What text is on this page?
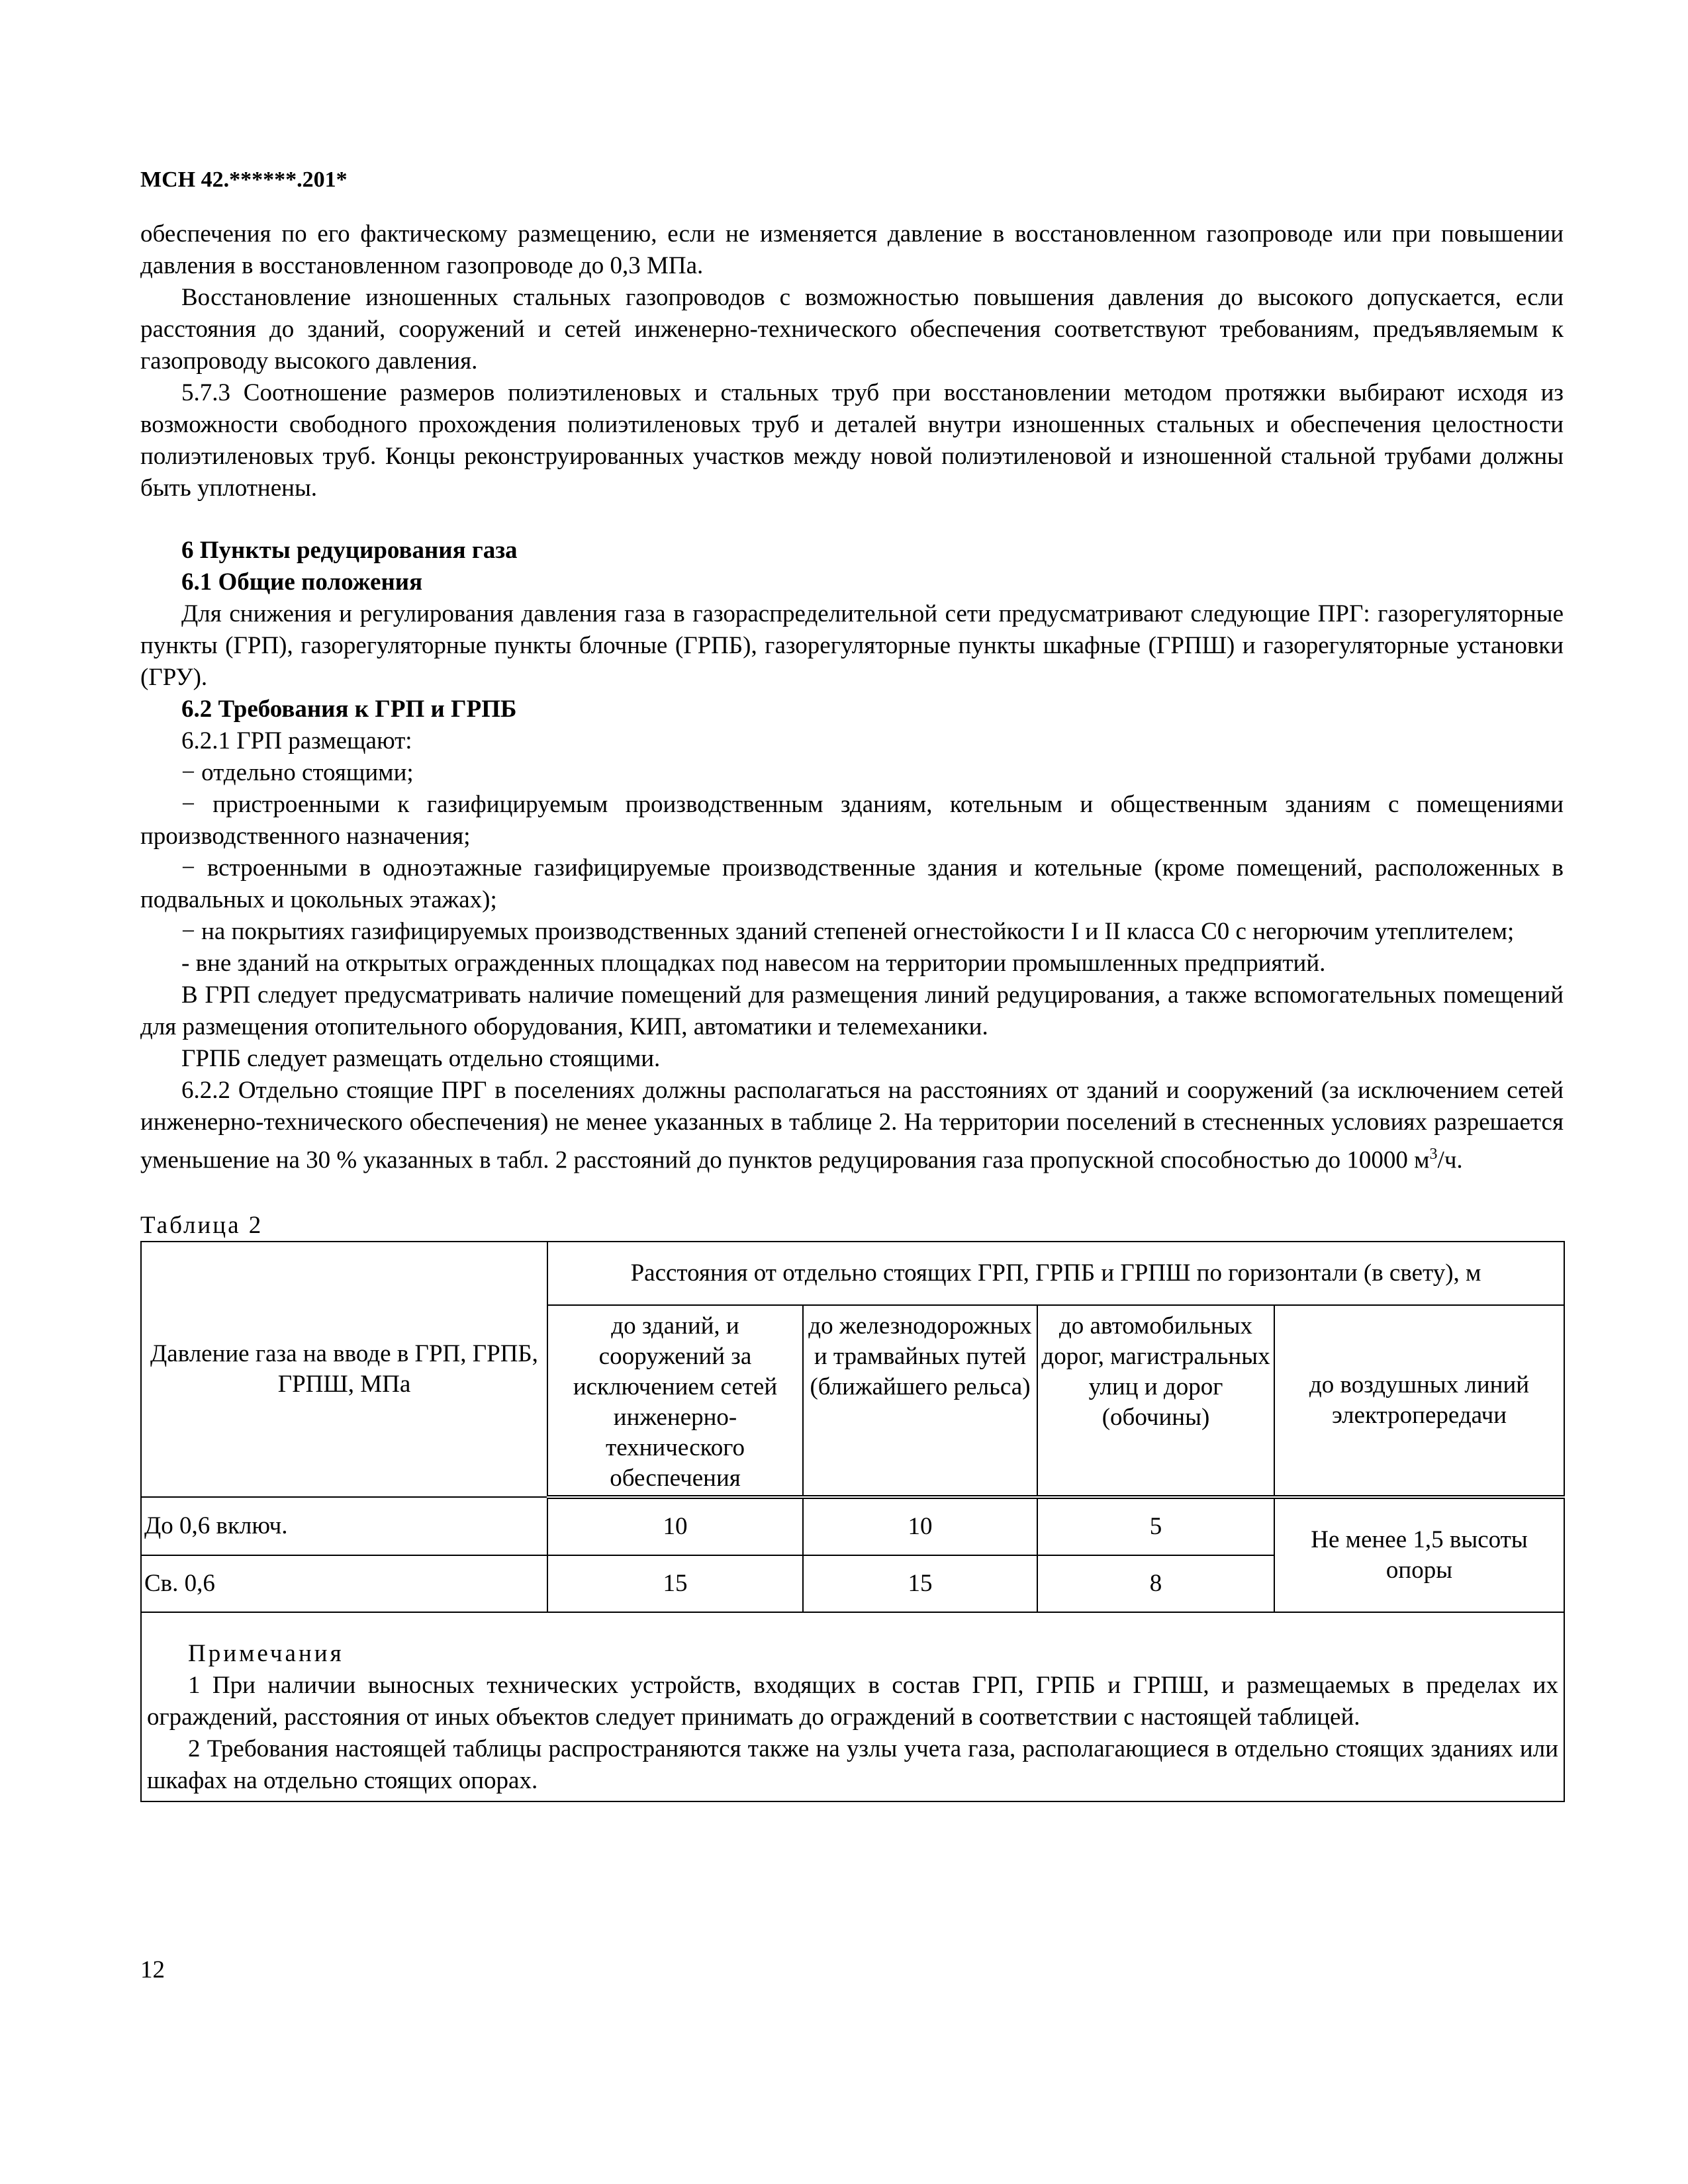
МСН 42.******.201*

обеспечения по его фактическому размещению, если не изменяется давление в восстановленном газопроводе или при повышении давления в восстановленном газопроводе до 0,3 МПа.

Восстановление изношенных стальных газопроводов с возможностью повышения давления до высокого допускается, если расстояния до зданий, сооружений и сетей инженерно-технического обеспечения соответствуют требованиям, предъявляемым к газопроводу высокого давления.

5.7.3 Соотношение размеров полиэтиленовых и стальных труб при восстановлении методом протяжки выбирают исходя из возможности свободного прохождения полиэтиленовых труб и деталей внутри изношенных стальных и обеспечения целостности полиэтиленовых труб. Концы реконструированных участков между новой полиэтиленовой и изношенной стальной трубами должны быть уплотнены.

6 Пункты редуцирования газа

6.1 Общие положения

Для снижения и регулирования давления газа в газораспределительной сети предусматривают следующие ПРГ: газорегуляторные пункты (ГРП), газорегуляторные пункты блочные (ГРПБ), газорегуляторные пункты шкафные (ГРПШ) и газорегуляторные установки (ГРУ).

6.2 Требования к ГРП и ГРПБ

6.2.1 ГРП размещают:

− отдельно стоящими;

− пристроенными к газифицируемым производственным зданиям, котельным и общественным зданиям с помещениями производственного назначения;

− встроенными в одноэтажные газифицируемые производственные здания и котельные (кроме помещений, расположенных в подвальных и цокольных этажах);

− на покрытиях газифицируемых производственных зданий степеней огнестойкости I и II класса С0 с негорючим утеплителем;

- вне зданий на открытых огражденных площадках под навесом на территории промышленных предприятий.

В ГРП следует предусматривать наличие помещений для размещения линий редуцирования, а также вспомогательных помещений для размещения отопительного оборудования, КИП, автоматики и телемеханики.

ГРПБ следует размещать отдельно стоящими.

6.2.2 Отдельно стоящие ПРГ в поселениях должны располагаться на расстояниях от зданий и сооружений (за исключением сетей инженерно-технического обеспечения) не менее указанных в таблице 2. На территории поселений в стесненных условиях разрешается уменьшение на 30 % указанных в табл. 2 расстояний до пунктов редуцирования газа пропускной способностью до 10000 $м^3/ч$.

Таблица 2
Давление газа на вводе в ГРП, ГРПБ, ГРПШ, МПа	Расстояния от отдельно стоящих ГРП, ГРПБ и ГРПШ по горизонтали (в свету), м			
	до зданий, и сооружений за исключением сетей инженерно-технического обеспечения	до железнодорожных и трамвайных путей (ближайшего рельса)	до автомобильных дорог, магистральных улиц и дорог (обочины)	до воздушных линий электропередачи
До 0,6 включ.	10	10	5	Не менее 1,5 высоты опоры
Св. 0,6	15	15	8	

Примечания

1 При наличии выносных технических устройств, входящих в состав ГРП, ГРПБ и ГРПШ, и размещаемых в пределах их ограждений, расстояния от иных объектов следует принимать до ограждений в соответствии с настоящей таблицей.

2 Требования настоящей таблицы распространяются также на узлы учета газа, располагающиеся в отдельно стоящих зданиях или шкафах на отдельно стоящих опорах.				

12
